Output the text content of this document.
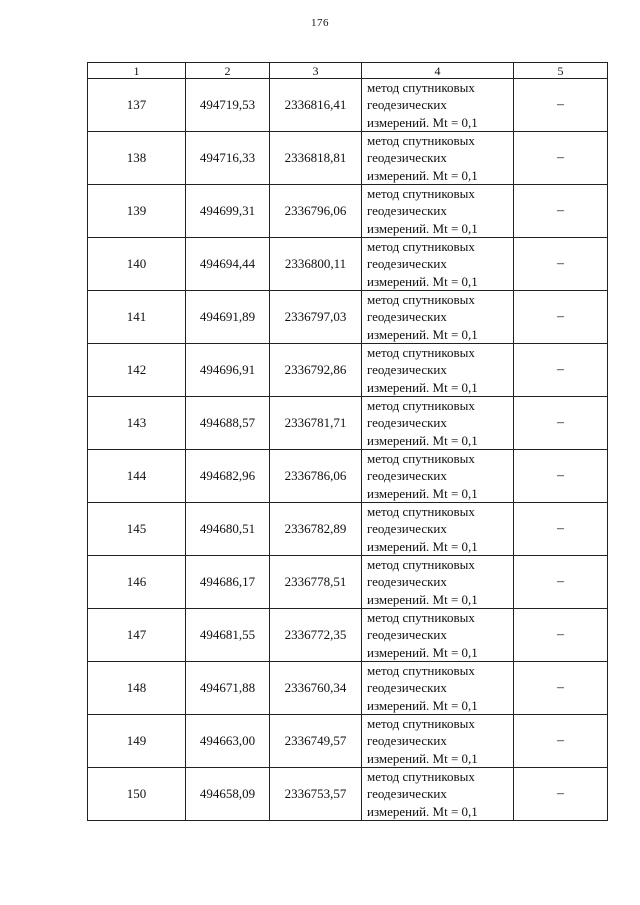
176
1	2	3	4	5
137	494719,53	2336816,41	метод спутниковых
геодезических
измерений. Mt = 0,1	–
138	494716,33	2336818,81	метод спутниковых
геодезических
измерений. Mt = 0,1	–
139	494699,31	2336796,06	метод спутниковых
геодезических
измерений. Mt = 0,1	–
140	494694,44	2336800,11	метод спутниковых
геодезических
измерений. Mt = 0,1	–
141	494691,89	2336797,03	метод спутниковых
геодезических
измерений. Mt = 0,1	–
142	494696,91	2336792,86	метод спутниковых
геодезических
измерений. Mt = 0,1	–
143	494688,57	2336781,71	метод спутниковых
геодезических
измерений. Mt = 0,1	–
144	494682,96	2336786,06	метод спутниковых
геодезических
измерений. Mt = 0,1	–
145	494680,51	2336782,89	метод спутниковых
геодезических
измерений. Mt = 0,1	–
146	494686,17	2336778,51	метод спутниковых
геодезических
измерений. Mt = 0,1	–
147	494681,55	2336772,35	метод спутниковых
геодезических
измерений. Mt = 0,1	–
148	494671,88	2336760,34	метод спутниковых
геодезических
измерений. Mt = 0,1	–
149	494663,00	2336749,57	метод спутниковых
геодезических
измерений. Mt = 0,1	–
150	494658,09	2336753,57	метод спутниковых
геодезических
измерений. Mt = 0,1	–
